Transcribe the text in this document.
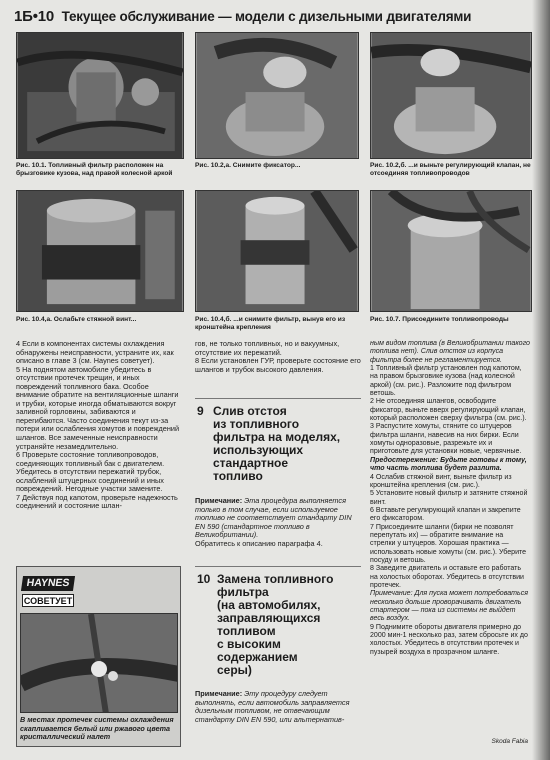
1Б•10 Текущее обслуживание — модели с дизельными двигателями
Рис. 10.1. Топливный фильтр расположен на брызговике кузова, над правой колесной аркой
Рис. 10.2,а. Снимите фиксатор...	Рис. 10.2,б. ...и выньте регулирующий клапан, не отсоединяя топливопроводов
Рис. 10.4,а. Ослабьте стяжной винт...	Рис. 10.4,б. ...и снимите фильтр, вынув его из кронштейна крепления
Рис. 10.7. Присоедините топливопроводы

4 Если в компонентах системы охлаждения обнаружены неисправности, устраните их, как описано в главе 3 (см. Haynes советует).

5 На поднятом автомобиле убедитесь в отсутствии протечек трещин, и иных повреждений топливного бака. Особое внимание обратите на вентиляционные шланги и трубки, которые иногда обматываются вокруг заливной горловины, забиваются и перегибаются. Часто соединения текут из-за потери или ослабления хомутов и повреждений шлангов. Все замеченные неисправности устраняйте незамедлительно.

6 Проверьте состояние топливопроводов, соединяющих топливный бак с двигателем. Убедитесь в отсутствии пережатий трубок, ослаблений штуцерных соединений и иных повреждений. Негодные участки замените.

7 Действуя под капотом, проверьте надежность соединений и состояние шлан-

HAYNES
СОВЕТУЕТ
В местах протечек системы охлаждения скапливается белый или ржавого цвета кристаллический налет

гов, не только топливных, но и вакуумных, отсутствие их пережатий.

8 Если установлен ГУР, проверьте состояние его шлангов и трубок высокого давления.

9 Слив отстоя
из топливного
фильтра на моделях,
использующих
стандартное
топливо
Примечание: Эта процедура выполняется только в том случае, если используемое топливо не соответствует стандарту DIN EN 590 (стандартное топливо в Великобритании).
Обратитесь к описанию параграфа 4.
10 Замена топливного
фильтра
(на автомобилях,
заправляющихся
топливом
с высоким
содержанием
серы)
Примечание: Эту процедуру следует выполнять, если автомобиль заправляется дизельным топливом, не отвечающим стандарту DIN EN 590, или альтернатив-

ным видом топлива (в Великобритании такого топлива нет). Слив отстоя из корпуса фильтра более не регламентируется.

1 Топливный фильтр установлен под капотом, на правом брызговике кузова (над колесной аркой) (см. рис.). Разложите под фильтром ветошь.

2 Не отсоединяя шлангов, освободите фиксатор, выньте вверх регулирующий клапан, который расположен сверху фильтра (см. рис.).

3 Распустите хомуты, стяните со штуцеров фильтра шланги, навесив на них бирки. Если хомуты одноразовые, разрежьте их и приготовьте для установки новые, червячные.

Предостережение: Будьте готовы к тому, что часть топлива будет разлита.

4 Ослабив стяжной винт, выньте фильтр из кронштейна крепления (см. рис.).

5 Установите новый фильтр и затяните стяжной винт.

6 Вставьте регулирующий клапан и закрепите его фиксатором.

7 Присоедините шланги (бирки не позволят перепутать их) — обратите внимание на стрелки у штуцеров. Хорошая практика — использовать новые хомуты (см. рис.). Уберите посуду и ветошь.

8 Заведите двигатель и оставьте его работать на холостых оборотах. Убедитесь в отсутствии протечек.

Примечание: Для пуска может потребоваться несколько дольше проворачивать двигатель стартером — пока из системы не выйдет весь воздух.

9 Поднимите обороты двигателя примерно до 2000 мин-1 несколько раз, затем сбросьте их до холостых. Убедитесь в отсутствии протечек и пузырей воздуха в прозрачном шланге.

Skoda Fabia
